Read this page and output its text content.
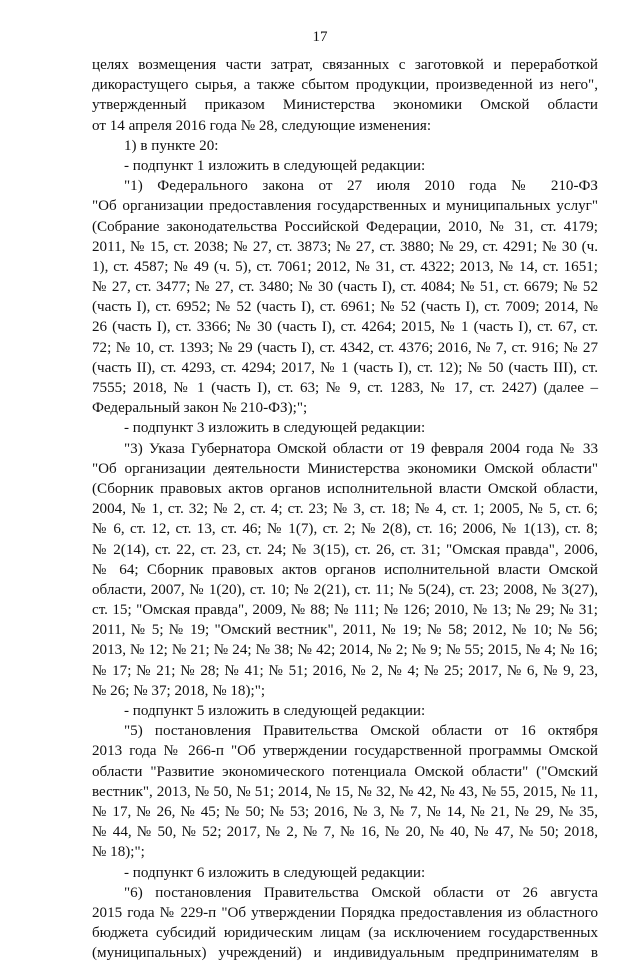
17
целях возмещения части затрат, связанных с заготовкой и переработкой
дикорастущего сырья, а также сбытом продукции, произведенной из него",
утвержденный приказом Министерства экономики Омской области
от 14 апреля 2016 года № 28, следующие изменения:
1) в пункте 20:
- подпункт 1 изложить в следующей редакции:
"1) Федерального закона от 27 июля 2010 года № 210-ФЗ
"Об организации предоставления государственных и муниципальных услуг"
(Собрание законодательства Российской Федерации, 2010, № 31, ст. 4179;
2011, № 15, ст. 2038; № 27, ст. 3873; № 27, ст. 3880; № 29, ст. 4291; № 30 (ч.
1), ст. 4587; № 49 (ч. 5), ст. 7061; 2012, № 31, ст. 4322; 2013, № 14, ст. 1651;
№ 27, ст. 3477; № 27, ст. 3480; № 30 (часть I), ст. 4084; № 51, ст. 6679; № 52
(часть I), ст. 6952; № 52 (часть I), ст. 6961; № 52 (часть I), ст. 7009; 2014, №
26 (часть I), ст. 3366; № 30 (часть I), ст. 4264; 2015, № 1 (часть I), ст. 67, ст.
72; № 10, ст. 1393; № 29 (часть I), ст. 4342, ст. 4376; 2016, № 7, ст. 916; № 27
(часть II), ст. 4293, ст. 4294; 2017, № 1 (часть I), ст. 12); № 50 (часть III), ст.
7555; 2018, № 1 (часть I), ст. 63; № 9, ст. 1283, № 17, ст. 2427) (далее –
Федеральный закон № 210-ФЗ);";
- подпункт 3 изложить в следующей редакции:
"3) Указа Губернатора Омской области от 19 февраля 2004 года № 33
"Об организации деятельности Министерства экономики Омской области"
(Сборник правовых актов органов исполнительной власти Омской области,
2004, № 1, ст. 32; № 2, ст. 4; ст. 23; № 3, ст. 18; № 4, ст. 1; 2005, № 5, ст. 6;
№ 6, ст. 12, ст. 13, ст. 46; № 1(7), ст. 2; № 2(8), ст. 16; 2006, № 1(13), ст. 8;
№ 2(14), ст. 22, ст. 23, ст. 24; № 3(15), ст. 26, ст. 31; "Омская правда", 2006,
№ 64; Сборник правовых актов органов исполнительной власти Омской
области, 2007, № 1(20), ст. 10; № 2(21), ст. 11; № 5(24), ст. 23; 2008, № 3(27),
ст. 15; "Омская правда", 2009, № 88; № 111; № 126; 2010, № 13; № 29; № 31;
2011, № 5; № 19; "Омский вестник", 2011, № 19; № 58; 2012, № 10; № 56;
2013, № 12; № 21; № 24; № 38; № 42; 2014, № 2; № 9; № 55; 2015, № 4; № 16;
№ 17; № 21; № 28; № 41; № 51; 2016, № 2, № 4; № 25; 2017, № 6, № 9, 23,
№ 26; № 37; 2018, № 18);";
- подпункт 5 изложить в следующей редакции:
"5) постановления Правительства Омской области от 16 октября
2013 года № 266-п "Об утверждении государственной программы Омской
области "Развитие экономического потенциала Омской области" ("Омский
вестник", 2013, № 50, № 51; 2014, № 15, № 32, № 42, № 43, № 55, 2015, № 11,
№ 17, № 26, № 45; № 50; № 53; 2016, № 3, № 7, № 14, № 21, № 29, № 35,
№ 44, № 50, № 52; 2017, № 2, № 7, № 16, № 20, № 40, № 47, № 50; 2018,
№ 18);";
- подпункт 6 изложить в следующей редакции:
"6) постановления Правительства Омской области от 26 августа
2015 года № 229-п "Об утверждении Порядка предоставления из областного
бюджета субсидий юридическим лицам (за исключением государственных
(муниципальных) учреждений) и индивидуальным предпринимателям в
